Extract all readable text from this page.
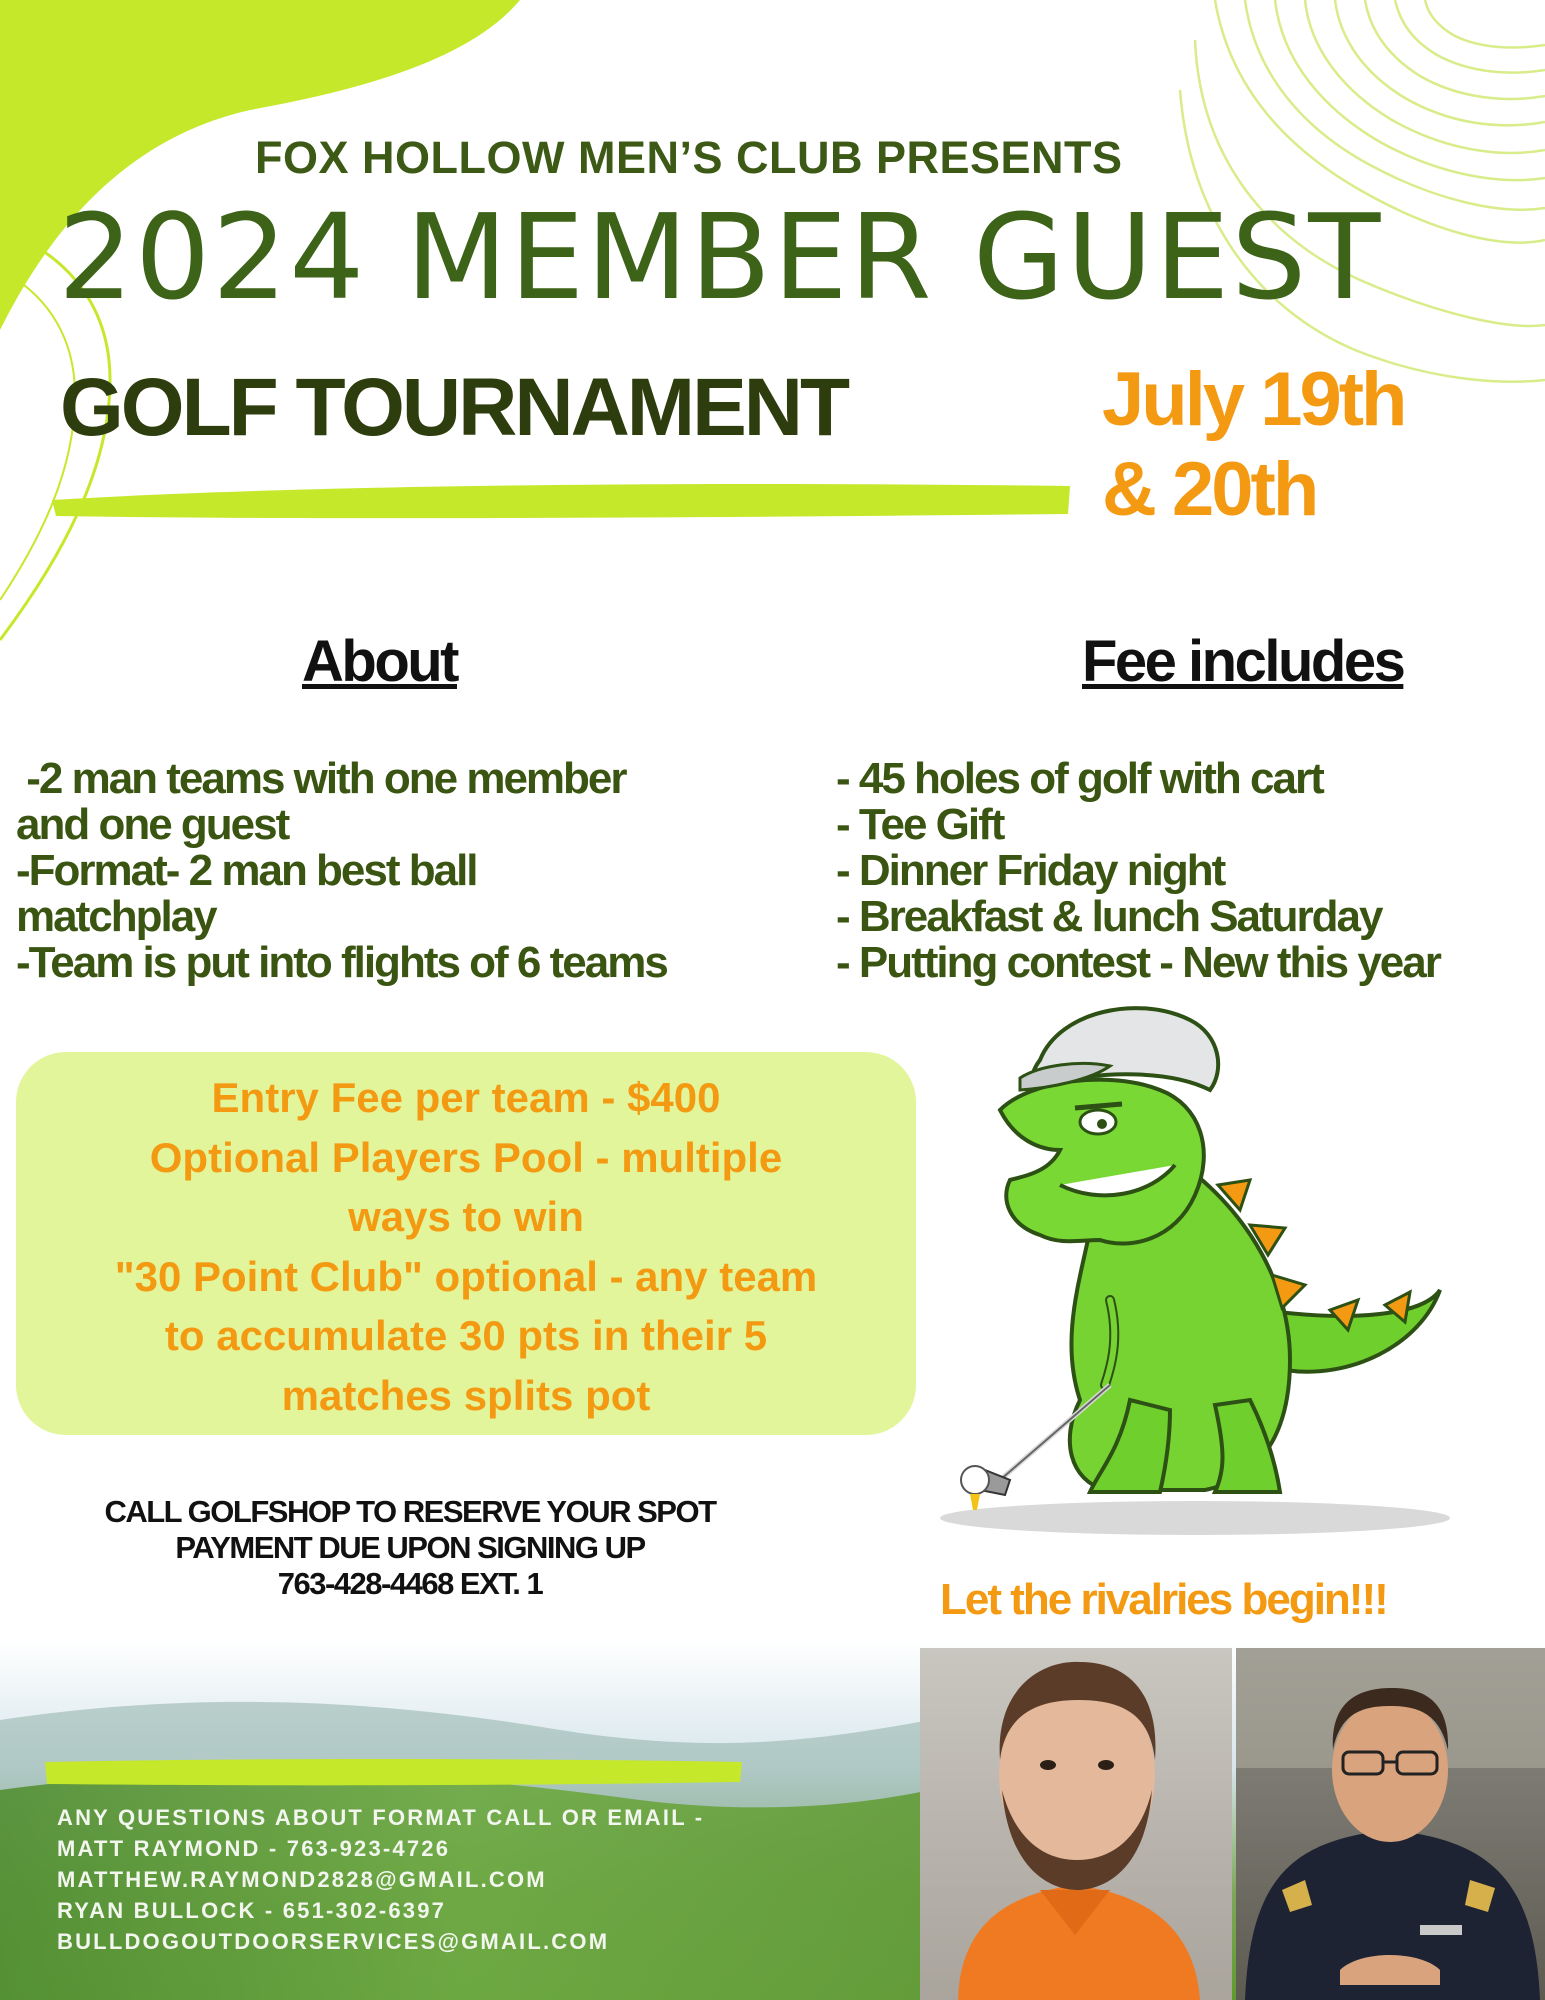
FOX HOLLOW MEN’S CLUB PRESENTS
2024 MEMBER GUEST
GOLF TOURNAMENT	July 19th
& 20th
About	Fee includes
-2 man teams with one member
and one guest
-Format- 2 man best ball
matchplay
-Team is put into flights of 6 teams
- 45 holes of golf with cart
- Tee Gift
- Dinner Friday night
- Breakfast & lunch Saturday
- Putting contest - New this year
Entry Fee per team - $400
Optional Players Pool - multiple
ways to win
"30 Point Club" optional - any team
to accumulate 30 pts in their 5
matches splits pot
CALL GOLFSHOP TO RESERVE YOUR SPOT
PAYMENT DUE UPON SIGNING UP
763-428-4468 EXT. 1	Let the rivalries begin!!!
ANY QUESTIONS ABOUT FORMAT CALL OR EMAIL -
MATT RAYMOND - 763-923-4726
MATTHEW.RAYMOND2828@GMAIL.COM
RYAN BULLOCK - 651-302-6397
BULLDOGOUTDOORSERVICES@GMAIL.COM
